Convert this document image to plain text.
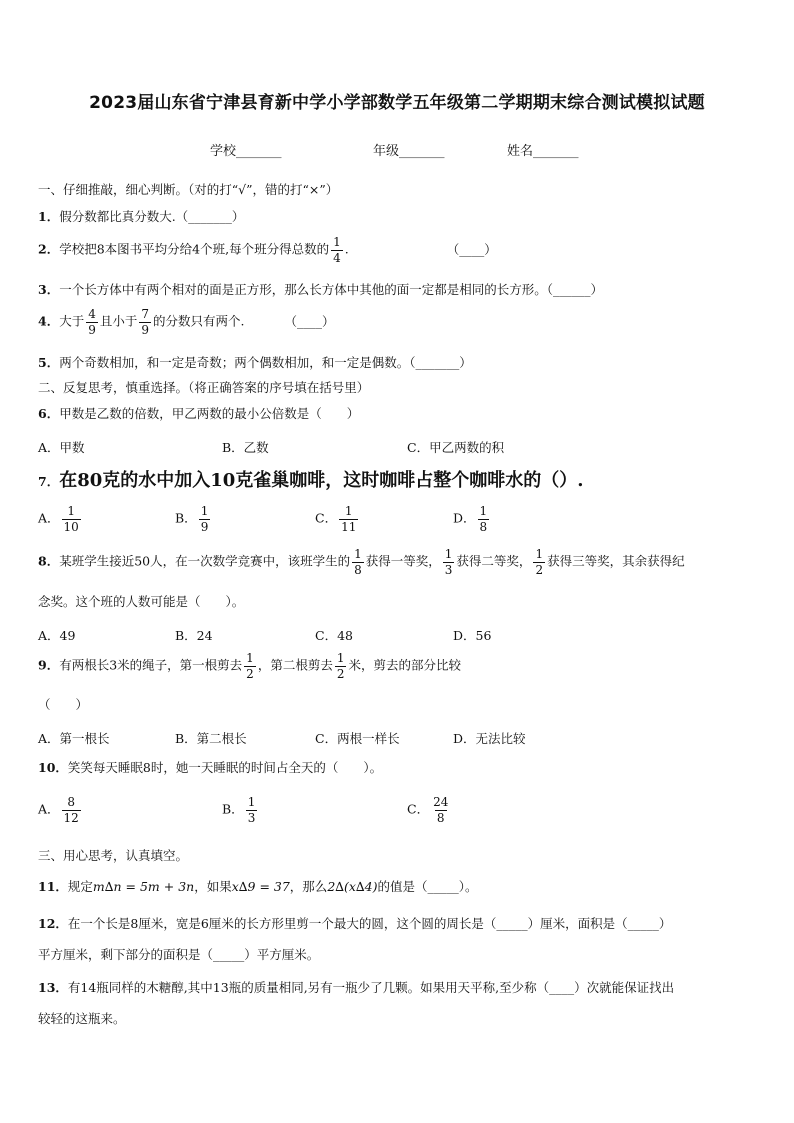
2023届山东省宁津县育新中学小学部数学五年级第二学期期末综合测试模拟试题
学校_______	年级_______	姓名_______
一、仔细推敲，细心判断。（对的打“√”，错的打“×”）
1．假分数都比真分数大.（_______）
2．学校把8本图书平均分给4个班,每个班分得总数的 $\frac{1}{4}$ .	（____）
3．一个长方体中有两个相对的面是正方形，那么长方体中其他的面一定都是相同的长方形。（______）
4．大于 $\frac{4}{9}$ 且小于 $\frac{7}{9}$ 的分数只有两个.	（____）
5．两个奇数相加，和一定是奇数；两个偶数相加，和一定是偶数。（_______）
二、反复思考，慎重选择。（将正确答案的序号填在括号里）
6．甲数是乙数的倍数，甲乙两数的最小公倍数是（　　）
A．甲数	B．乙数	C．甲乙两数的积
7．在80克的水中加入10克雀巢咖啡，这时咖啡占整个咖啡水的（）.
A． $\frac{1}{10}$	B． $\frac{1}{9}$	C． $\frac{1}{11}$	D． $\frac{1}{8}$
8．某班学生接近50人，在一次数学竞赛中，该班学生的 $\frac{1}{8}$ 获得一等奖， $\frac{1}{3}$ 获得二等奖， $\frac{1}{2}$ 获得三等奖，其余获得纪
念奖。这个班的人数可能是（　　）。
A．49	B．24	C．48	D．56
9．有两根长3米的绳子，第一根剪去 $\frac{1}{2}$ ，第二根剪去 $\frac{1}{2}$ 米，剪去的部分比较
（　　）
A．第一根长	B．第二根长	C．两根一样长	D．无法比较
10．笑笑每天睡眠8时，她一天睡眠的时间占全天的（　　）。
A． $\frac{8}{12}$	B． $\frac{1}{3}$	C． $\frac{24}{8}$
三、用心思考，认真填空。
11．规定m∆n = 5m + 3n，如果x∆9 = 37，那么2∆(x∆4)的值是（_____）。
12．在一个长是8厘米，宽是6厘米的长方形里剪一个最大的圆，这个圆的周长是（_____）厘米，面积是（_____）
平方厘米，剩下部分的面积是（_____）平方厘米。
13．有14瓶同样的木糖醇,其中13瓶的质量相同,另有一瓶少了几颗。如果用天平称,至少称（____）次就能保证找出
较轻的这瓶来。
